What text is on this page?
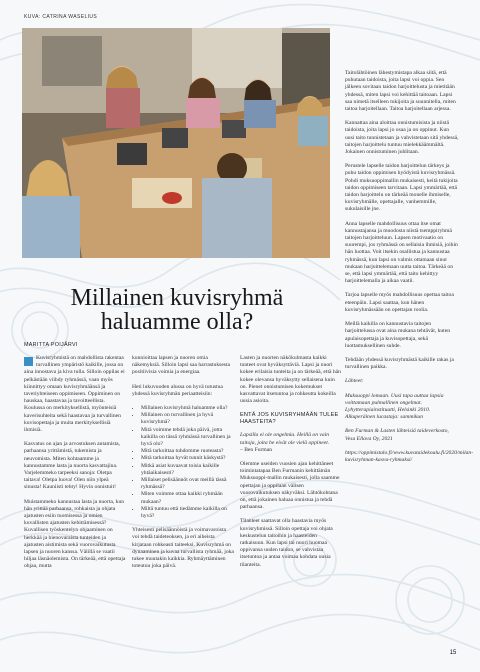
KUVA: CATRINA WASELIUS

Taitolähtöinen lähestymistapa alkaa siitä, että puhutaan taidoista, joita lapsi voi oppia. Sen jälkeen sovitaan taidon harjoittelusta ja mietitään yhdessä, miten lapsi voi kehittää taitoaan. Lapsi saa nimetä itselleen tukijoita ja suunnitella, miten taitoa harjoitellaan. Taitoa harjoitellaan arjessa.

Kannattaa aina aloittaa onnistumisista ja niistä taidoista, joita lapsi jo osaa ja on oppinut. Kun uusi taito tunnistetaan ja vahvistetaan sitä yhdessä, taitojen harjoittelu tuntuu mielekkäämmältä. Jokainen onnistuminen juhlitaan.

Perustele lapselle taidon harjoittelun tärkeys ja puhu taidon oppimisen hyödyistä kuvisryhmässä. Pohdi muksuoppimallin mukaisesti, keitä tukijoita taidon oppimiseen tarvitaan. Lapsi ymmärtää, että taidon harjoittelu on tärkeää monelle ihmiselle, kuvisryhmälle, opettajalle, vanhemmille, sukulaisille jne.

Anna lapselle mahdollisuus ottaa itse omat kannustajansa ja muodosta niistä tsemppiryhmä taitojen harjoitteluun. Lapsen motivaatio on suurempi, jos ryhmässä on sellaisia ihmisiä, joihin hän luottaa. Voit itsekin osallistua ja kannustaa ryhmässä, kun lapsi on valmis ottamaan sinut mukaan harjoittelemaan uutta taitoa. Tärkeää on se, että lapsi ymmärtää, että taito kehittyy harjoittelemalla ja aikaa vaatii.

Tarjoa lapselle myös mahdollisuus opettaa taitoa eteenpäin. Lapsi saattaa, kun hänen kuvisryhmässään on opettajan roolia.

Meillä kaikilla on kannustavia taitojen harjoittelussa ovat aina mukana tehtävät, kuten apulaisopettaja ja kuvisopettaja, sekä luottamuksellinen suhde.

Tehdään yhdessä kuvisryhmästä kaikille rakas ja turvallinen paikka.

Lähteet:

Muksuoppi lomaan. Uusi tapa auttaa lapsia voittamaan pulmallinen ongelmat. Lyhytterapiainstituutti, Helsinki 2010. Alkuperäinen lucastaja: sammikun

Ben Furman & Lasten lähteisiä taideverkosto, Vesa Ellava Oy, 2021

https://oppimistalo.fi/www.kuvataidekoulu.fi/2020/milan-kuvisryhman-kasvu-ryhmaksi/

Millainen kuvisryhmä haluamme olla?
MARITTA POIJÄRVI

Kuvisryhmistä on mahdollista rakentaa turvallinen ympäristö kaikille, jossa on aina innostava ja kiva tulla. Silloin oppilas ei pelkästään viihdy ryhmässä, vaan myös kiinnittyy omaan kuvisryhmäänsä ja taveriyhteiseen oppimiseen. Oppiminen on hauskaa, haastavaa ja tavoitteellista. Koulussa on merkityksellistä, myönteisiä kaverisuhteita sekä haastavaa ja turvallinen kuvisopettaja ja muita merkityksellisiä ihmisiä.

Kasvatus on ajan ja arvostuksen antamista, parhaansa yrittämistä, tukemista ja neuvomista. Miten kohtaamme ja kannustamme lasta ja nuorta kasvattajina. Varjelemmeko tarpeeksi sanoja: Oletpa taitava! Oletpa luova! Olen niin ylpeä sinusta! Kauniisti tehty! Hyvin onnistuit!

Muistammeko kannustaa lasta ja nuorta, kun hän yrittää parhaansa, rohkaista ja ohjata ajatusten esiin tuomisessa ja omien kuvallisten ajatusten kehittämisessä? Kuvallisen työskentelyn ohjaaminen on herkkää ja hienovaraista tunteiden ja ajatusten aistimista sekä vuorovaikutusta lapsen ja nuoren kanssa. Välillä se vaatii hiljaa läsnäolemista. On tärkeää, että opettaja ohjaa, mutta

kunnioittaa lapsen ja nuoren omia näkemyksiä. Silloin lapsi saa harrastuksesta positiivisia voimia ja energiaa.

Heti lukuvuoden alussa on hyvä tutustua yhdessä kuvisryhmän periaatteisiin:

• Millainen kuvisryhmä haluamme olla?
• Millainen on turvallinen ja hyvä kuvisryhmä?
• Mitä voimme tehdä joka päivä, jotta kaikilla on tässä ryhmässä turvallinen ja hyvä olo?
• Mitä tarkoittaa tuhdomme ruoteasta?
• Mitä tarkoittaa hyvät tunnit käskystä?
• Mitkä asiat kuvaavat toisia kaikille yhtäaikaisesti?
• Millaiset pelisäännöt ovat meillä tässä ryhmässä?
• Miten voimme ottaa kaikki ryhmään mukaan?
• Miltä tuntuu että tiedämme kaikilla on hyvä?

Yhteisesti pelisäännöistä ja voimavaroista voi tehdä taideteoksen, ja eri aiheista kirjataan rohkeasti taiteeksi. Kuvisryhmä on dynaaminen ja kuvaa turvallista ryhmää, joka tukee muutakin kaikkia. Ryhmäyttäminen toteutuu joka päivä.

Lasten ja nuorten näkökulmasta kaikki tunteet ovat hyväksyttäviä. Lapsi ja nuori kokee erilaisia tunteita ja on tärkeää, että hän kokee olevansa hyväksytty sellaisena kuin on. Pienet onnistumisen kokemukset kasvattavat itsetuntoa ja rohkeutta kokeilla uusia asioita.

ENTÄ JOS KUVISRYHMÄÄN TULEE HAASTEITA?

Lapsilla ei ole ongelmia. Heillä on vain taitoja, joita he eivät ole vielä oppineet.
– Ben Furman

Olemme useiden vuosien ajan kehittäneet toimintatapaa Ben Furmanin kehittämän Muksuoppi-mallin mukaisesti, jolla saamme opettajan ja oppilaan välisen vuorovaikutuksen näkyväksi. Lähtökohtana on, että jokainen haluaa onnistua ja tehdä parhaansa.

Tilanteet saattavat olla haastavia myös kuvisryhmissä. Silloin opettaja voi ohjata keskustelun taitoihin ja haasteiden ratkaisuun. Kun lapsi tai nuori huomaa oppivansa uuden taidon, se vahvistaa itsetuntoa ja antaa voimaa kohdata uusia tilanteita.

15
